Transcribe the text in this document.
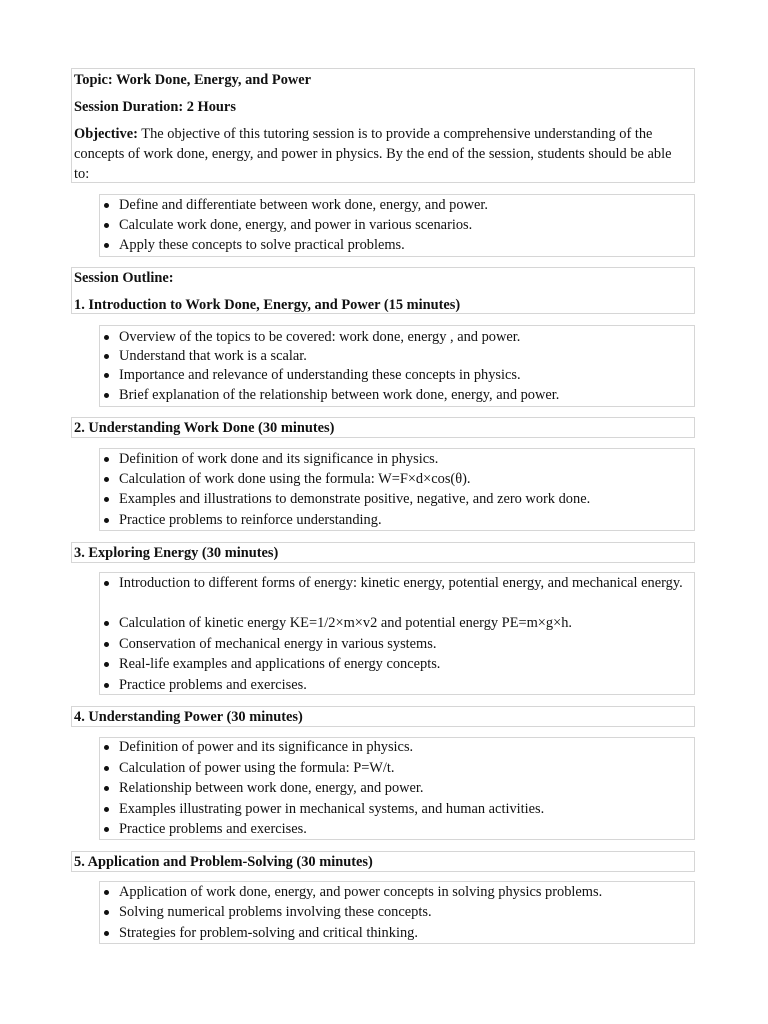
Topic: Work Done, Energy, and Power
Session Duration: 2 Hours
Objective: The objective of this tutoring session is to provide a comprehensive understanding of the concepts of work done, energy, and power in physics. By the end of the session, students should be able to:
Define and differentiate between work done, energy, and power.
Calculate work done, energy, and power in various scenarios.
Apply these concepts to solve practical problems.
Session Outline:
1. Introduction to Work Done, Energy, and Power (15 minutes)
Overview of the topics to be covered: work done, energy , and power.
Understand that work is a scalar.
Importance and relevance of understanding these concepts in physics.
Brief explanation of the relationship between work done, energy, and power.
2. Understanding Work Done (30 minutes)
Definition of work done and its significance in physics.
Calculation of work done using the formula: W=F×d×cos(θ).
Examples and illustrations to demonstrate positive, negative, and zero work done.
Practice problems to reinforce understanding.
3. Exploring Energy (30 minutes)
Introduction to different forms of energy: kinetic energy, potential energy, and mechanical energy.
Calculation of kinetic energy KE=1/2×m×v2 and potential energy PE=m×g×h.
Conservation of mechanical energy in various systems.
Real-life examples and applications of energy concepts.
Practice problems and exercises.
4. Understanding Power (30 minutes)
Definition of power and its significance in physics.
Calculation of power using the formula: P=W/t.
Relationship between work done, energy, and power.
Examples illustrating power in mechanical systems, and human activities.
Practice problems and exercises.
5. Application and Problem-Solving (30 minutes)
Application of work done, energy, and power concepts in solving physics problems.
Solving numerical problems involving these concepts.
Strategies for problem-solving and critical thinking.
